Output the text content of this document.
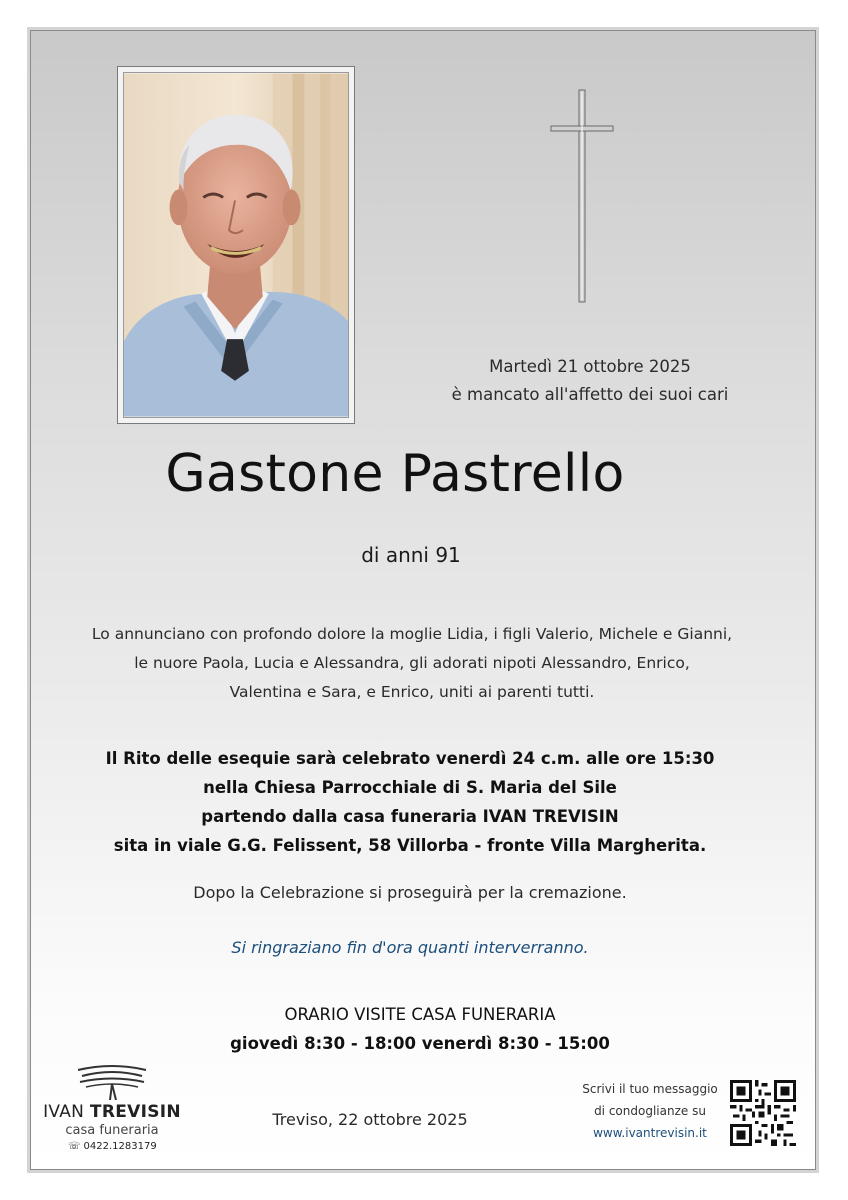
Martedì 21 ottobre 2025
è mancato all'affetto dei suoi cari
Gastone Pastrello
di anni 91
Lo annunciano con profondo dolore la moglie Lidia, i figli Valerio, Michele e Gianni,
le nuore Paola, Lucia e Alessandra, gli adorati nipoti Alessandro, Enrico,
Valentina e Sara, e Enrico, uniti ai parenti tutti.
Il Rito delle esequie sarà celebrato venerdì 24 c.m. alle ore 15:30
nella Chiesa Parrocchiale di S. Maria del Sile
partendo dalla casa funeraria IVAN TREVISIN
sita in viale G.G. Felissent, 58 Villorba - fronte Villa Margherita.
Dopo la Celebrazione si proseguirà per la cremazione.
Si ringraziano fin d'ora quanti interverranno.
ORARIO VISITE CASA FUNERARIA
giovedì 8:30 - 18:00 venerdì 8:30 - 15:00
IVAN TREVISIN
casa funeraria
☏ 0422.1283179
Treviso, 22 ottobre 2025
Scrivi il tuo messaggio
di condoglianze su
www.ivantrevisin.it
